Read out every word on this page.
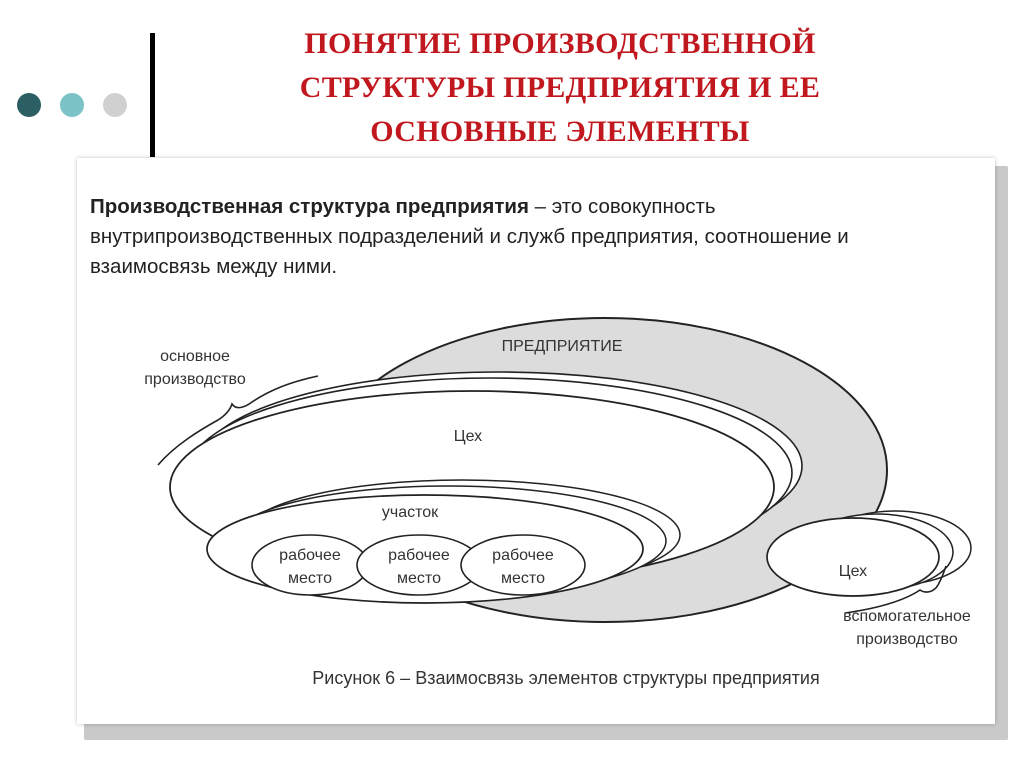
ПОНЯТИЕ ПРОИЗВОДСТВЕННОЙ
СТРУКТУРЫ ПРЕДПРИЯТИЯ И ЕЕ
ОСНОВНЫЕ ЭЛЕМЕНТЫ
Производственная структура предприятия – это совокупность внутрипроизводственных подразделений и служб предприятия, соотношение и взаимосвязь между ними.
ПРЕДПРИЯТИЕ
Цех
участок
рабочее
место
рабочее
место
рабочее
место	Цех
основное
производство
вспомогательное
производство
Рисунок 6 – Взаимосвязь элементов структуры предприятия
